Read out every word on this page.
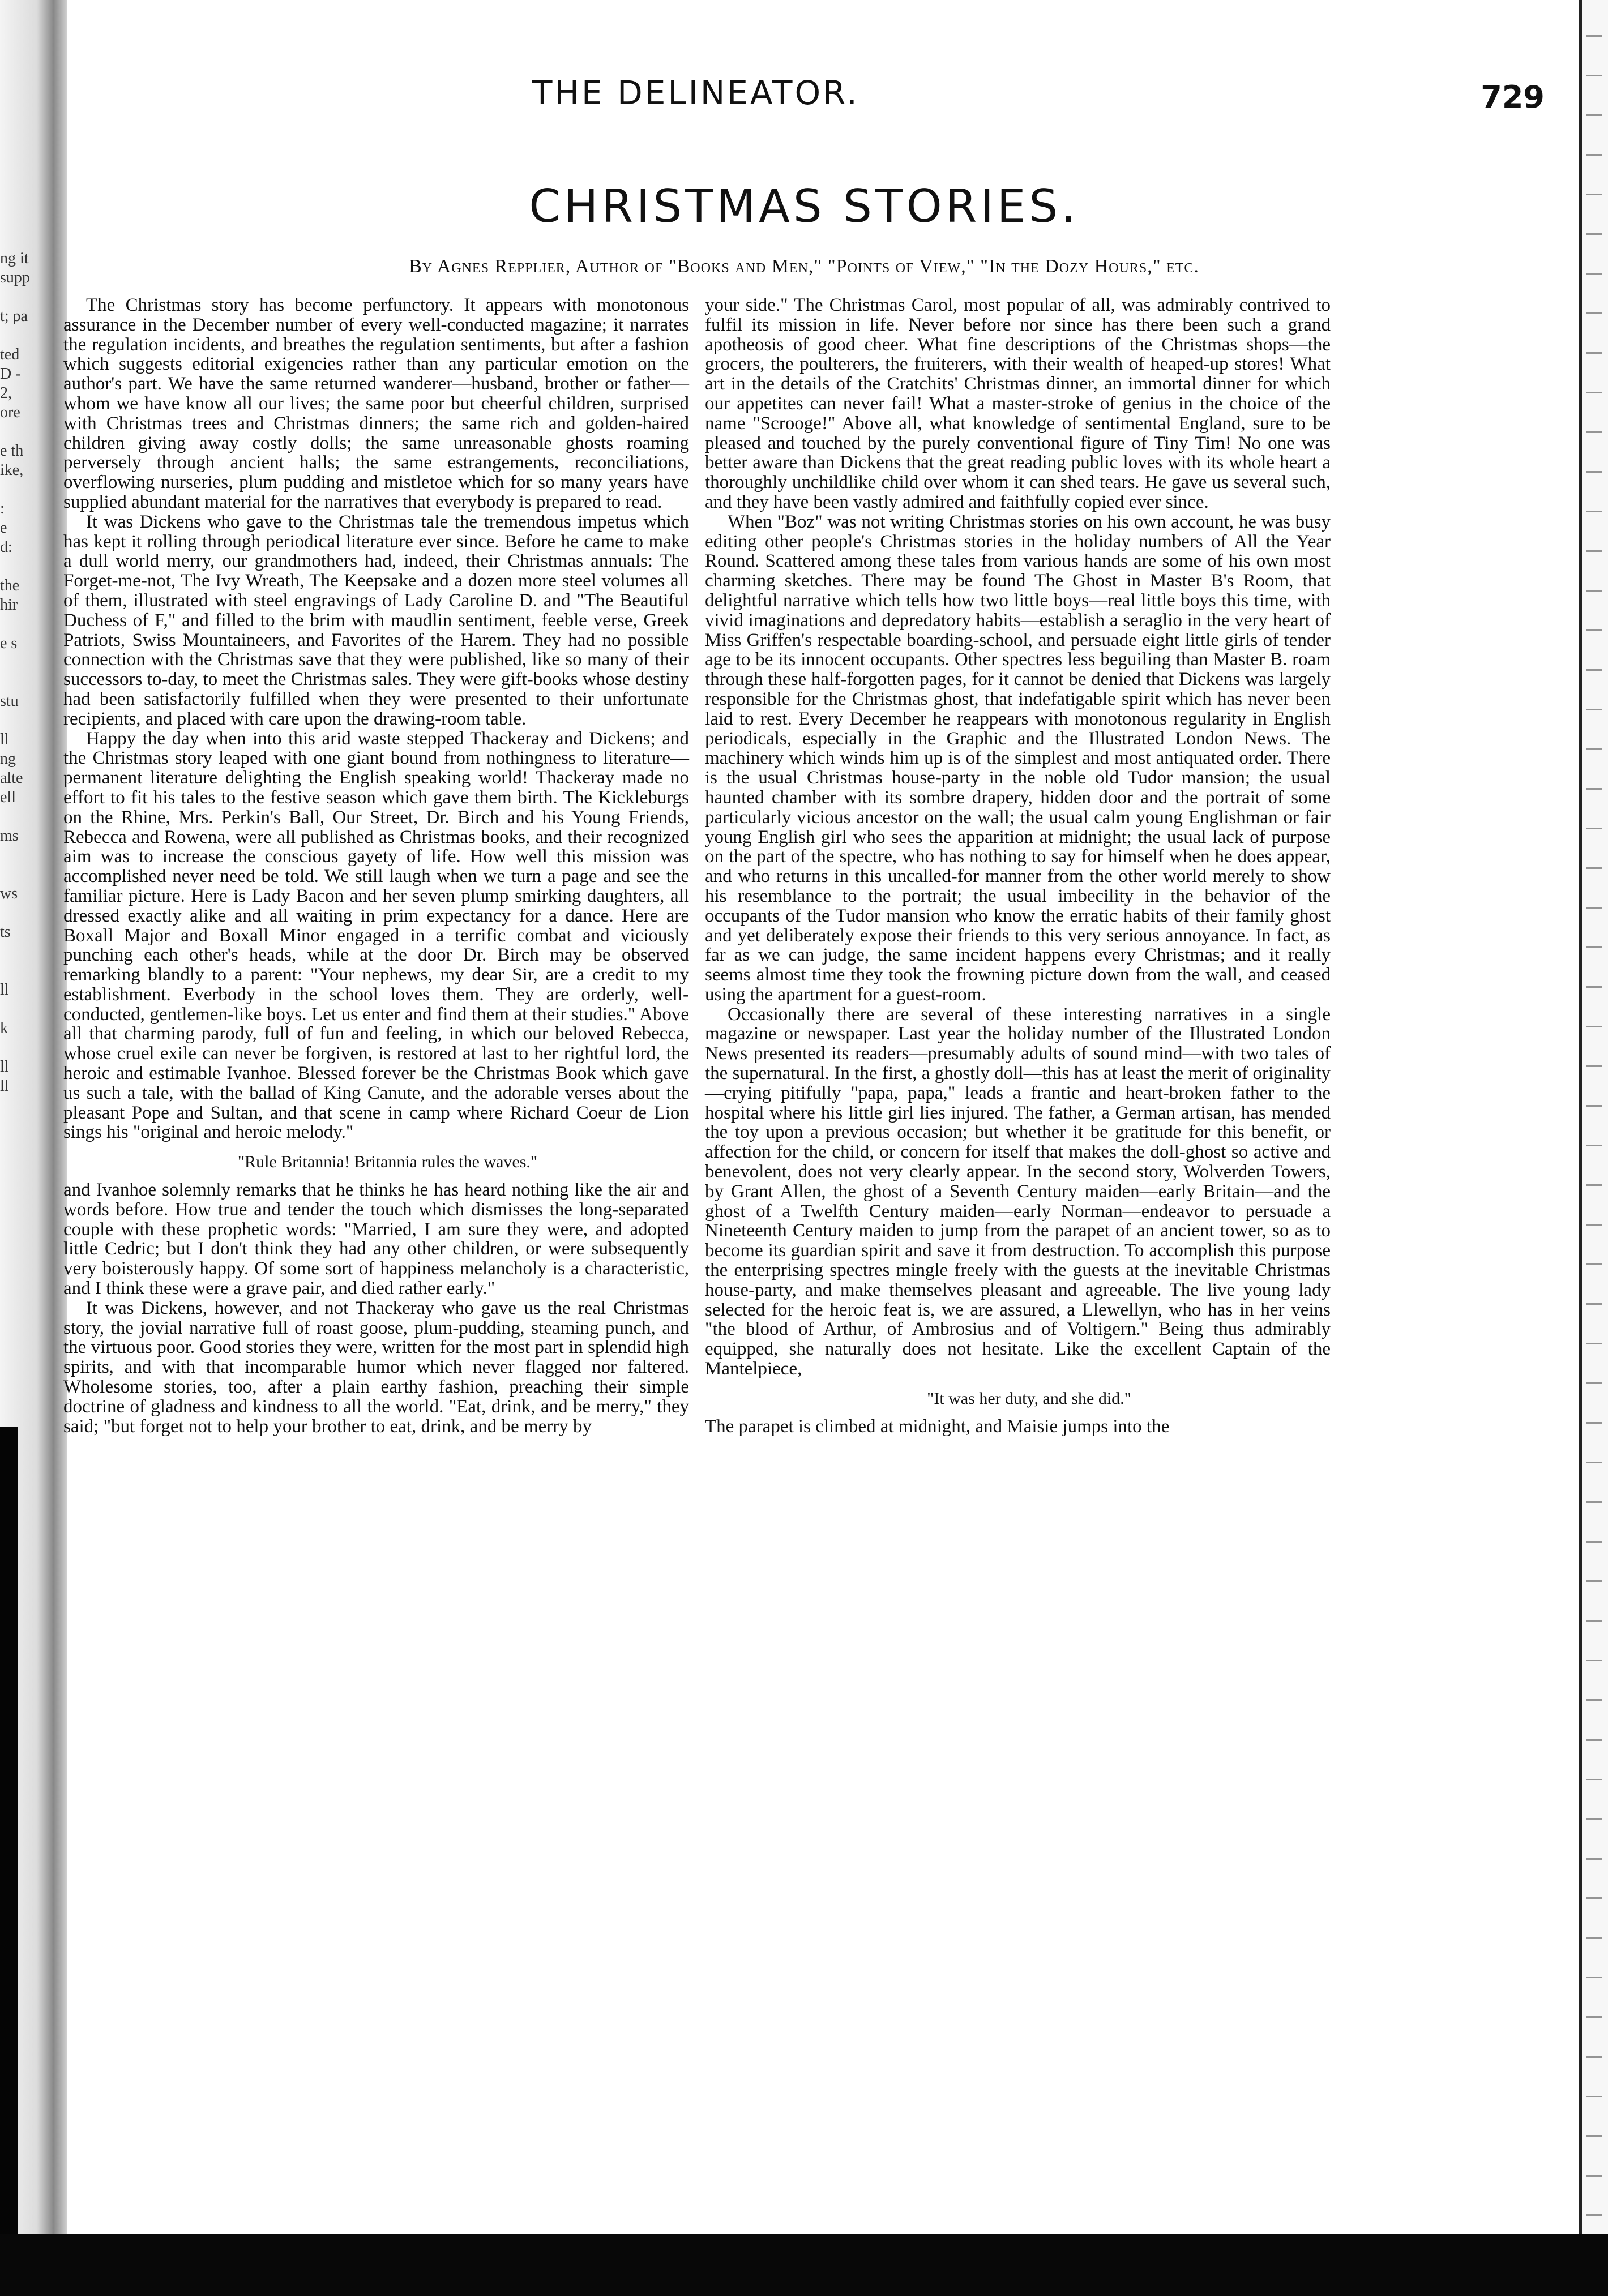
ng it
supp
t; pa
ted
D -
2,
ore
e th
ike,
:
e
d:
the
hir
e s
stu
ll
ng
alte
ell
ms
ws
ts
ll
k
ll
ll
THE DELINEATOR.	729
CHRISTMAS STORIES.
By Agnes Repplier, Author of "Books and Men," "Points of View," "In the Dozy Hours," etc.

The Christmas story has become perfunctory. It appears with monotonous assurance in the December number of every well-conducted magazine; it narrates the regulation incidents, and breathes the regulation sentiments, but after a fashion which suggests editorial exigencies rather than any particular emotion on the author's part. We have the same returned wanderer—husband, brother or father—whom we have know all our lives; the same poor but cheerful children, surprised with Christmas trees and Christmas dinners; the same rich and golden-haired children giving away costly dolls; the same unreasonable ghosts roaming perversely through ancient halls; the same estrangements, reconciliations, overflowing nurseries, plum pudding and mistletoe which for so many years have supplied abundant material for the narratives that everybody is prepared to read.

It was Dickens who gave to the Christmas tale the tremendous impetus which has kept it rolling through periodical literature ever since. Before he came to make a dull world merry, our grandmothers had, indeed, their Christmas annuals: The Forget-me-not, The Ivy Wreath, The Keepsake and a dozen more steel volumes all of them, illustrated with steel engravings of Lady Caroline D. and "The Beautiful Duchess of F," and filled to the brim with maudlin sentiment, feeble verse, Greek Patriots, Swiss Mountaineers, and Favorites of the Harem. They had no possible connection with the Christmas save that they were published, like so many of their successors to-day, to meet the Christmas sales. They were gift-books whose destiny had been satisfactorily fulfilled when they were presented to their unfortunate recipients, and placed with care upon the drawing-room table.

Happy the day when into this arid waste stepped Thackeray and Dickens; and the Christmas story leaped with one giant bound from nothingness to literature—permanent literature delighting the English speaking world! Thackeray made no effort to fit his tales to the festive season which gave them birth. The Kickleburgs on the Rhine, Mrs. Perkin's Ball, Our Street, Dr. Birch and his Young Friends, Rebecca and Rowena, were all published as Christmas books, and their recognized aim was to increase the conscious gayety of life. How well this mission was accomplished never need be told. We still laugh when we turn a page and see the familiar picture. Here is Lady Bacon and her seven plump smirking daughters, all dressed exactly alike and all waiting in prim expectancy for a dance. Here are Boxall Major and Boxall Minor engaged in a terrific combat and viciously punching each other's heads, while at the door Dr. Birch may be observed remarking blandly to a parent: "Your nephews, my dear Sir, are a credit to my establishment. Everbody in the school loves them. They are orderly, well-conducted, gentlemen-like boys. Let us enter and find them at their studies." Above all that charming parody, full of fun and feeling, in which our beloved Rebecca, whose cruel exile can never be forgiven, is restored at last to her rightful lord, the heroic and estimable Ivanhoe. Blessed forever be the Christmas Book which gave us such a tale, with the ballad of King Canute, and the adorable verses about the pleasant Pope and Sultan, and that scene in camp where Richard Coeur de Lion sings his "original and heroic melody."

"Rule Britannia! Britannia rules the waves."

and Ivanhoe solemnly remarks that he thinks he has heard nothing like the air and words before. How true and tender the touch which dismisses the long-separated couple with these prophetic words: "Married, I am sure they were, and adopted little Cedric; but I don't think they had any other children, or were subsequently very boisterously happy. Of some sort of happiness melancholy is a characteristic, and I think these were a grave pair, and died rather early."

It was Dickens, however, and not Thackeray who gave us the real Christmas story, the jovial narrative full of roast goose, plum-pudding, steaming punch, and the virtuous poor. Good stories they were, written for the most part in splendid high spirits, and with that incomparable humor which never flagged nor faltered. Wholesome stories, too, after a plain earthy fashion, preaching their simple doctrine of gladness and kindness to all the world. "Eat, drink, and be merry," they said; "but forget not to help your brother to eat, drink, and be merry by

your side." The Christmas Carol, most popular of all, was admirably contrived to fulfil its mission in life. Never before nor since has there been such a grand apotheosis of good cheer. What fine descriptions of the Christmas shops—the grocers, the poulterers, the fruiterers, with their wealth of heaped-up stores! What art in the details of the Cratchits' Christmas dinner, an immortal dinner for which our appetites can never fail! What a master-stroke of genius in the choice of the name "Scrooge!" Above all, what knowledge of sentimental England, sure to be pleased and touched by the purely conventional figure of Tiny Tim! No one was better aware than Dickens that the great reading public loves with its whole heart a thoroughly unchildlike child over whom it can shed tears. He gave us several such, and they have been vastly admired and faithfully copied ever since.

When "Boz" was not writing Christmas stories on his own account, he was busy editing other people's Christmas stories in the holiday numbers of All the Year Round. Scattered among these tales from various hands are some of his own most charming sketches. There may be found The Ghost in Master B's Room, that delightful narrative which tells how two little boys—real little boys this time, with vivid imaginations and depredatory habits—establish a seraglio in the very heart of Miss Griffen's respectable boarding-school, and persuade eight little girls of tender age to be its innocent occupants. Other spectres less beguiling than Master B. roam through these half-forgotten pages, for it cannot be denied that Dickens was largely responsible for the Christmas ghost, that indefatigable spirit which has never been laid to rest. Every December he reappears with monotonous regularity in English periodicals, especially in the Graphic and the Illustrated London News. The machinery which winds him up is of the simplest and most antiquated order. There is the usual Christmas house-party in the noble old Tudor mansion; the usual haunted chamber with its sombre drapery, hidden door and the portrait of some particularly vicious ancestor on the wall; the usual calm young Englishman or fair young English girl who sees the apparition at midnight; the usual lack of purpose on the part of the spectre, who has nothing to say for himself when he does appear, and who returns in this uncalled-for manner from the other world merely to show his resemblance to the portrait; the usual imbecility in the behavior of the occupants of the Tudor mansion who know the erratic habits of their family ghost and yet deliberately expose their friends to this very serious annoyance. In fact, as far as we can judge, the same incident happens every Christmas; and it really seems almost time they took the frowning picture down from the wall, and ceased using the apartment for a guest-room.

Occasionally there are several of these interesting narratives in a single magazine or newspaper. Last year the holiday number of the Illustrated London News presented its readers—presumably adults of sound mind—with two tales of the supernatural. In the first, a ghostly doll—this has at least the merit of originality—crying pitifully "papa, papa," leads a frantic and heart-broken father to the hospital where his little girl lies injured. The father, a German artisan, has mended the toy upon a previous occasion; but whether it be gratitude for this benefit, or affection for the child, or concern for itself that makes the doll-ghost so active and benevolent, does not very clearly appear. In the second story, Wolverden Towers, by Grant Allen, the ghost of a Seventh Century maiden—early Britain—and the ghost of a Twelfth Century maiden—early Norman—endeavor to persuade a Nineteenth Century maiden to jump from the parapet of an ancient tower, so as to become its guardian spirit and save it from destruction. To accomplish this purpose the enterprising spectres mingle freely with the guests at the inevitable Christmas house-party, and make themselves pleasant and agreeable. The live young lady selected for the heroic feat is, we are assured, a Llewellyn, who has in her veins "the blood of Arthur, of Ambrosius and of Voltigern." Being thus admirably equipped, she naturally does not hesitate. Like the excellent Captain of the Mantelpiece,

"It was her duty, and she did."

The parapet is climbed at midnight, and Maisie jumps into the
